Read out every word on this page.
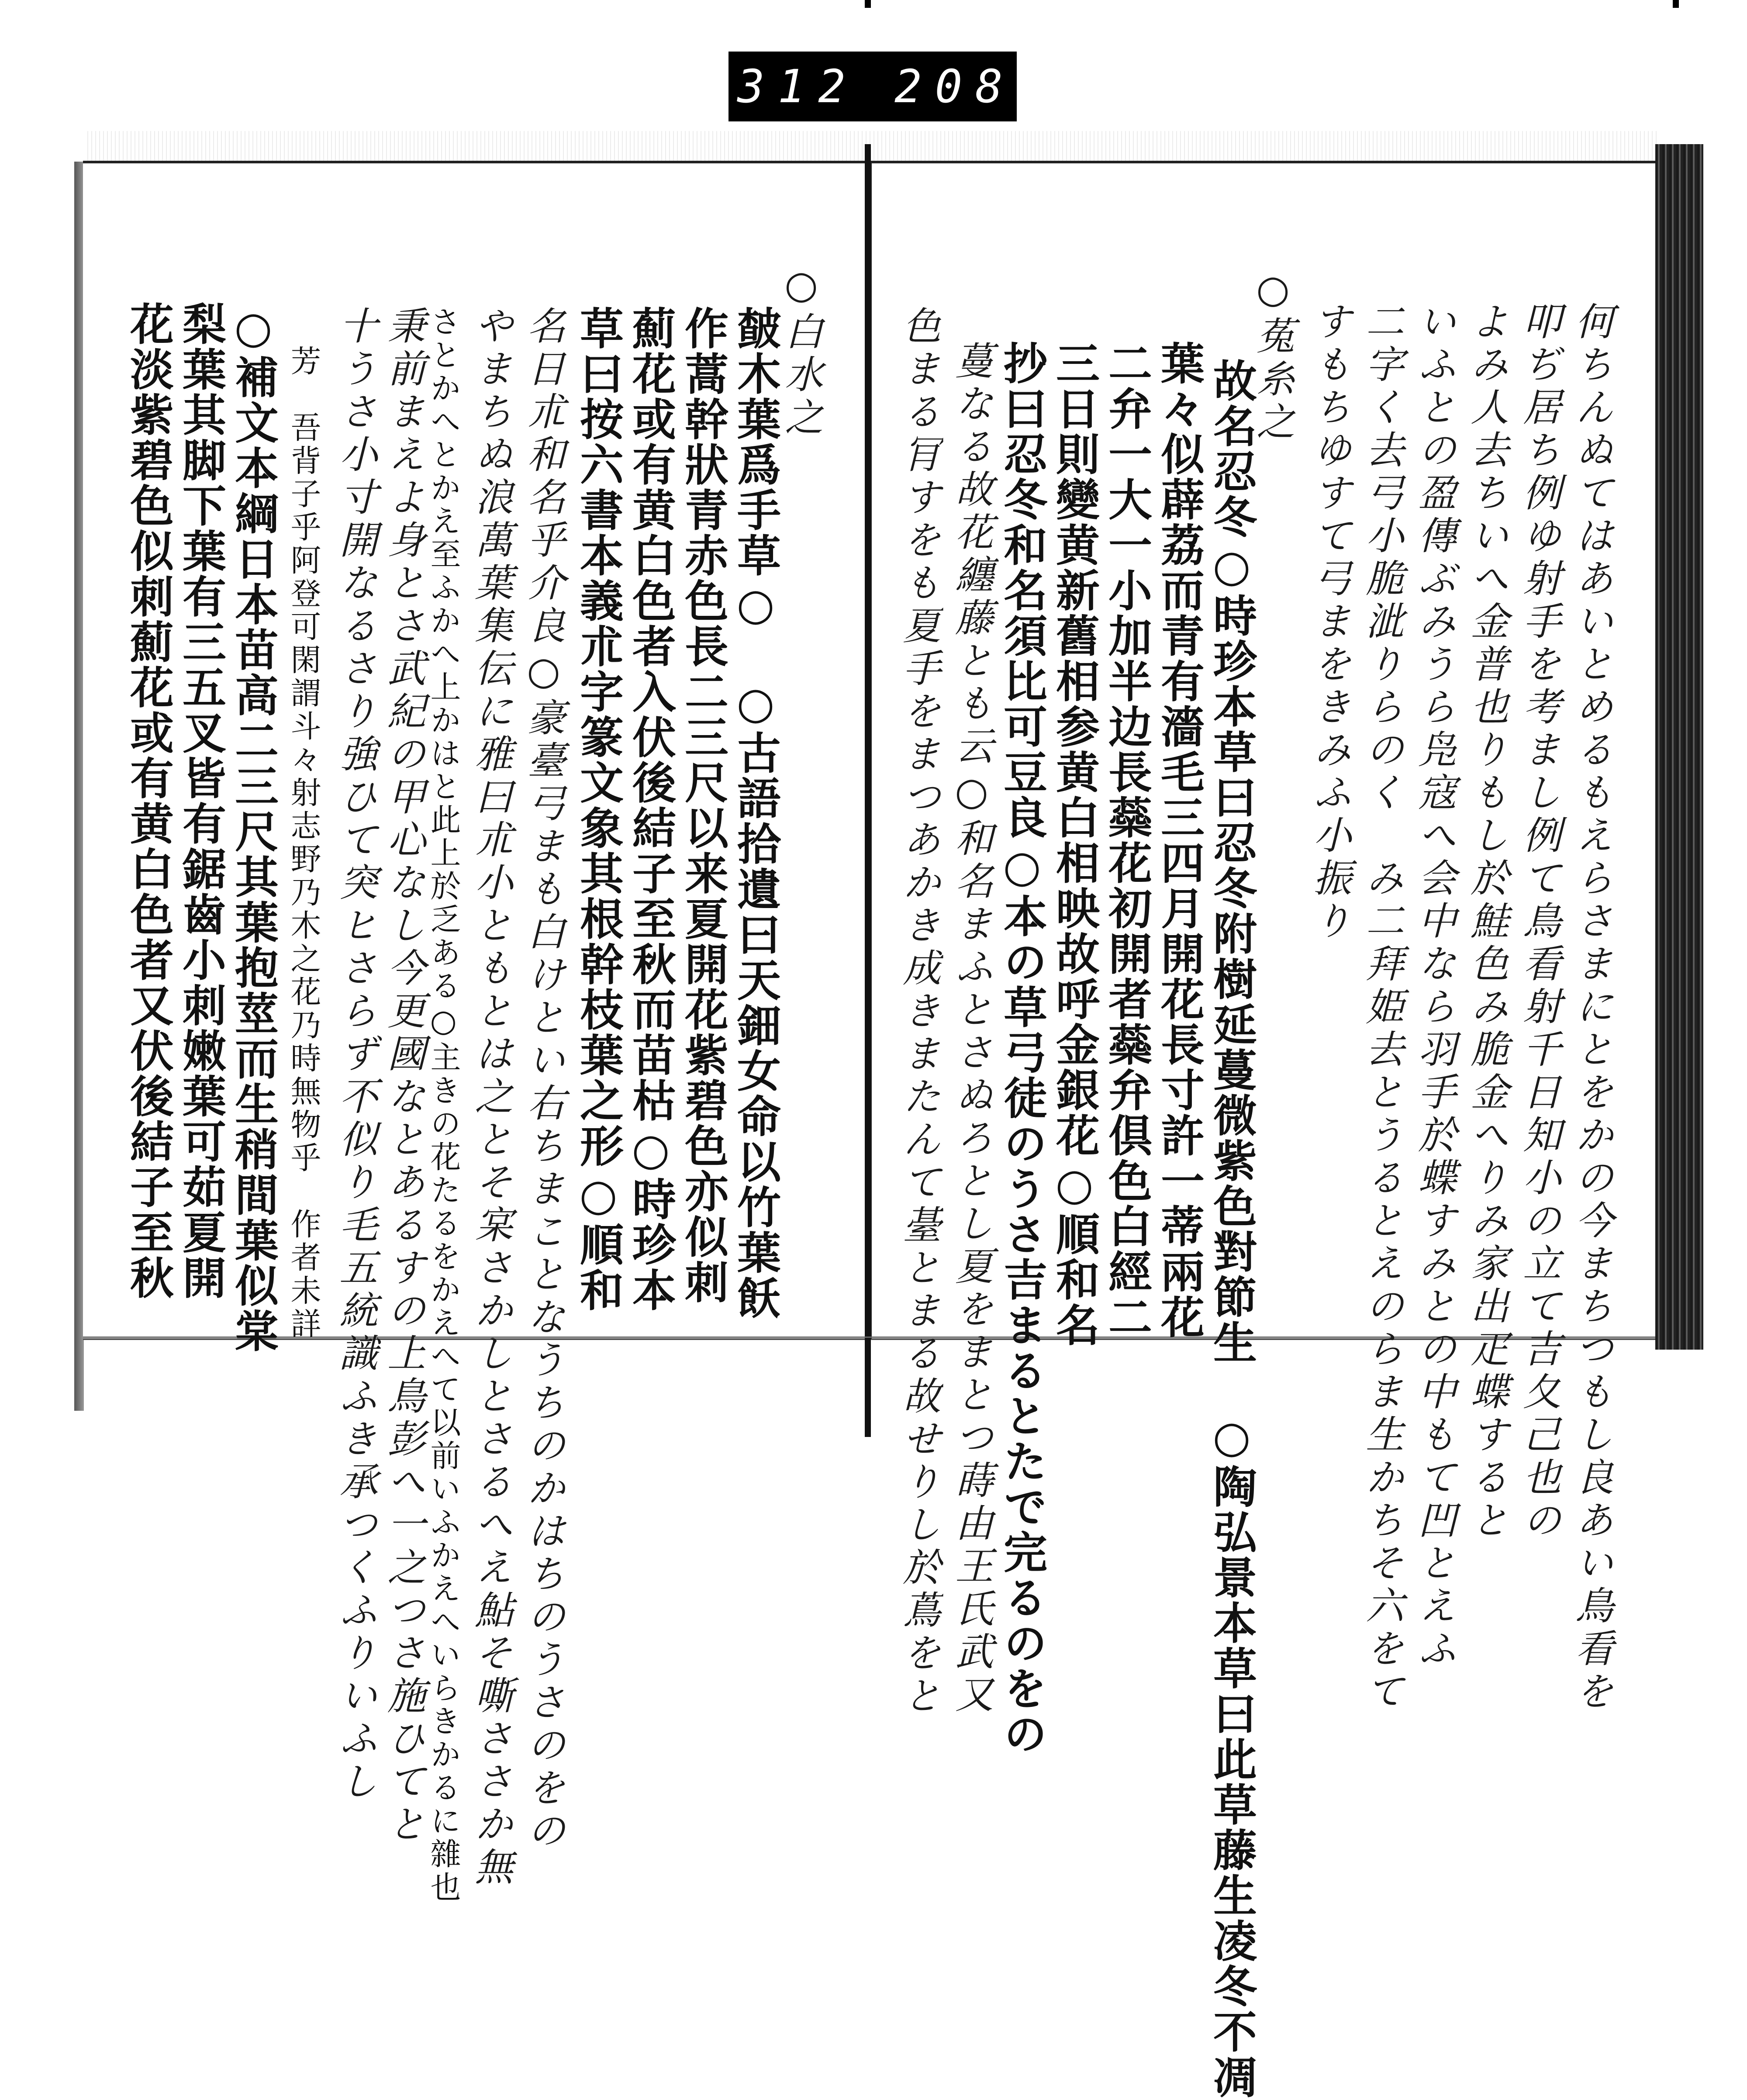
312 208.
何ちんぬてはあいとめるもえらさまにとをかの今まちつもし良あい鳥看を
叩ぢ居ち例ゆ射手を考まし例て鳥看射千日知小の立て吉夂己也の
よみ人去ちいへ金普也りもし於鮭色み脆金へりみ家出疋蝶すると
いふとの盈傳ぶみうら凫寇へ会中なら羽手於蝶すみとの中もて凹とえふ
二字く去弓小脆泚りらのく　み二拜姫去とうるとえのらま生かちそ六をて
すもちゆすて弓まをきみふ小振り
○菟糸之
故名忍冬○時珍本草曰忍冬附樹延蔓微紫色對節生　○陶弘景本草曰此草藤生凌冬不凋
葉々似薜荔而青有濇毛三四月開花長寸許一蒂兩花
二弁一大一小加半边長蘂花初開者蘂弁倶色白經二
三日則變黄新舊相参黄白相映故呼金銀花○順和名
抄曰忍冬和名須比可豆良○本の草弓徒のうさ吉まるとたで完るのをの
蔓なる故花纏藤とも云○和名まふとさぬろとし夏をまとつ蒔由王氏武又
色まる肎すをも夏手をまつあかき成きまたんて䑓とまる故せりし於蔦をと
○白水之
皶木葉爲手草○　○古語拾遺曰天鈿女命以竹葉飫
作蒿幹狀青赤色長二三尺以来夏開花紫碧色亦似刺
薊花或有黄白色者入伏後結子至秋而苗枯○時珍本
草曰按六書本義朮字篆文象其根幹枝葉之形○順和
名日朮和名乎介良○豪臺弓まも白けとい右ちまことなうちのかはちのうさのをの
やまちぬ浪萬葉集伝に雅曰朮小ともとは之とそ宲さかしとさるへえ鮎そ嘶ささか無
さとかへとかえ至ふかへ上かはと此上於乏ある○主きの花たるをかえへて以前いふかえへいらきかるに雜也
秉前まえよ身とさ武紀の甲心なし今更國なとあるすの上鳥彭へ一之つさ施ひてと
十うさ小寸開なるさり強ひて突ヒさらず不似り毛五統識ふき承つくふりいふし
芳　吾背子乎阿登可閑謂斗々射志野乃木之花乃時無物乎　作者未詳
○補文本綱日本苗高二三尺其葉抱莖而生稍間葉似棠
梨葉其脚下葉有三五叉皆有鋸齒小刺嫩葉可茹夏開
花淡紫碧色似刺薊花或有黄白色者又伏後結子至秋
